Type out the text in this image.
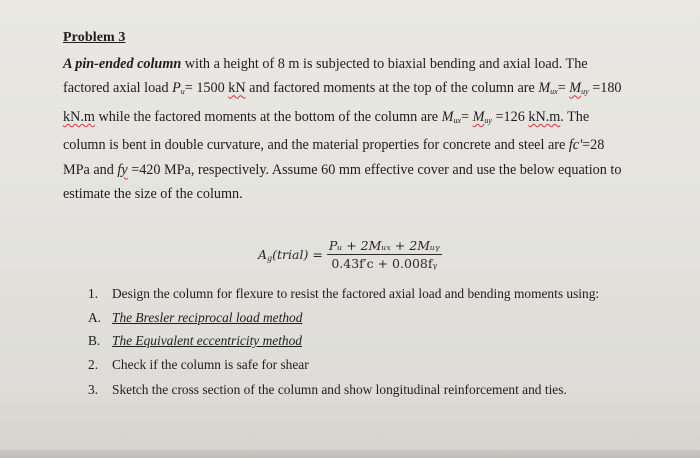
Problem 3
A pin-ended column with a height of 8 m is subjected to biaxial bending and axial load. The
factored axial load $P_u= 1500$ kN and factored moments at the top of the column are $M_{ux}= M_{uy} =180$
kN.m while the factored moments at the bottom of the column are $M_{ux}= M_{uy} =126$ kN.m. The
column is bent in double curvature, and the material properties for concrete and steel are fc'=28
MPa and fy =420 MPa, respectively. Assume 60 mm effective cover and use the below equation to
estimate the size of the column.
$A_g(trial) = \frac{\text{Pᵤ + 2Mᵤₓ + 2Mᵤᵧ}}{\text{0.43f′c + 0.008fᵧ}}$
1. Design the column for flexure to resist the factored axial load and bending moments using:
A. The Bresler reciprocal load method
B. The Equivalent eccentricity method
2. Check if the column is safe for shear
3. Sketch the cross section of the column and show longitudinal reinforcement and ties.
